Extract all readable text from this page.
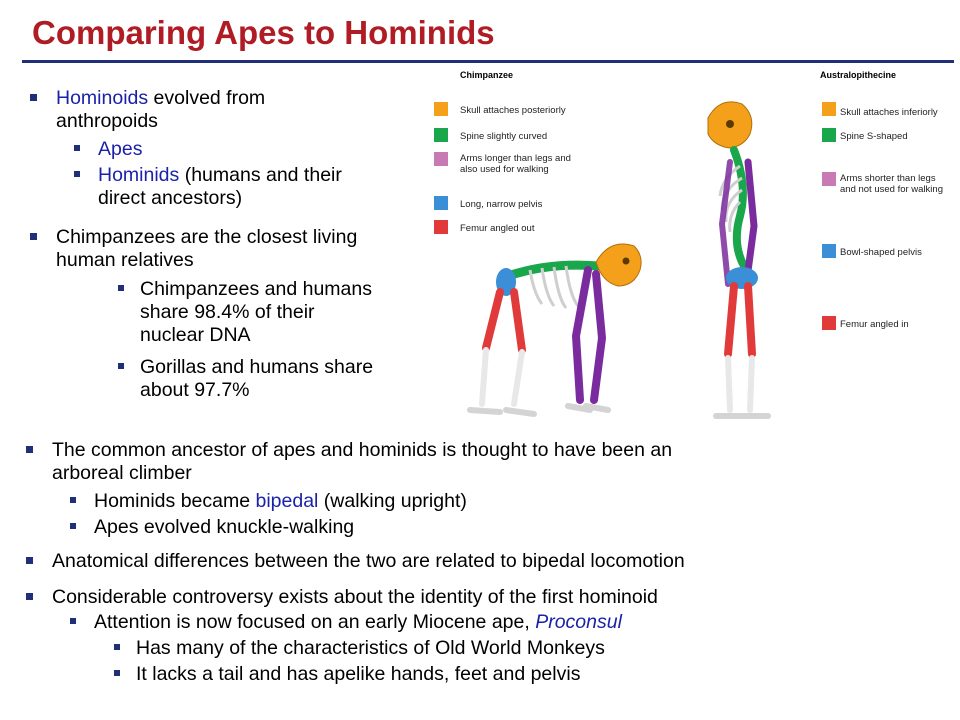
Comparing Apes to Hominids
Hominoids evolved from
anthropoids
Apes
Hominids (humans and their
direct ancestors)
Chimpanzees are the closest living
human relatives
Chimpanzees and humans
share 98.4% of their
nuclear DNA
Gorillas and humans share
about 97.7%
Chimpanzee	Australopithecine
Skull attaches posteriorly
Spine slightly curved
Arms longer than legs and
also used for walking
Long, narrow pelvis
Femur angled out
Skull attaches inferiorly
Spine S-shaped
Arms shorter than legs
and not used for walking
Bowl-shaped pelvis
Femur angled in
The common ancestor of apes and hominids is thought to have been an
arboreal climber
Hominids became bipedal (walking upright)
Apes evolved knuckle-walking
Anatomical differences between the two are related to bipedal locomotion
Considerable controversy exists about the identity of the first hominoid
Attention is now focused on an early Miocene ape, Proconsul
Has many of the characteristics of Old World Monkeys
It lacks a tail and has apelike hands, feet and pelvis
